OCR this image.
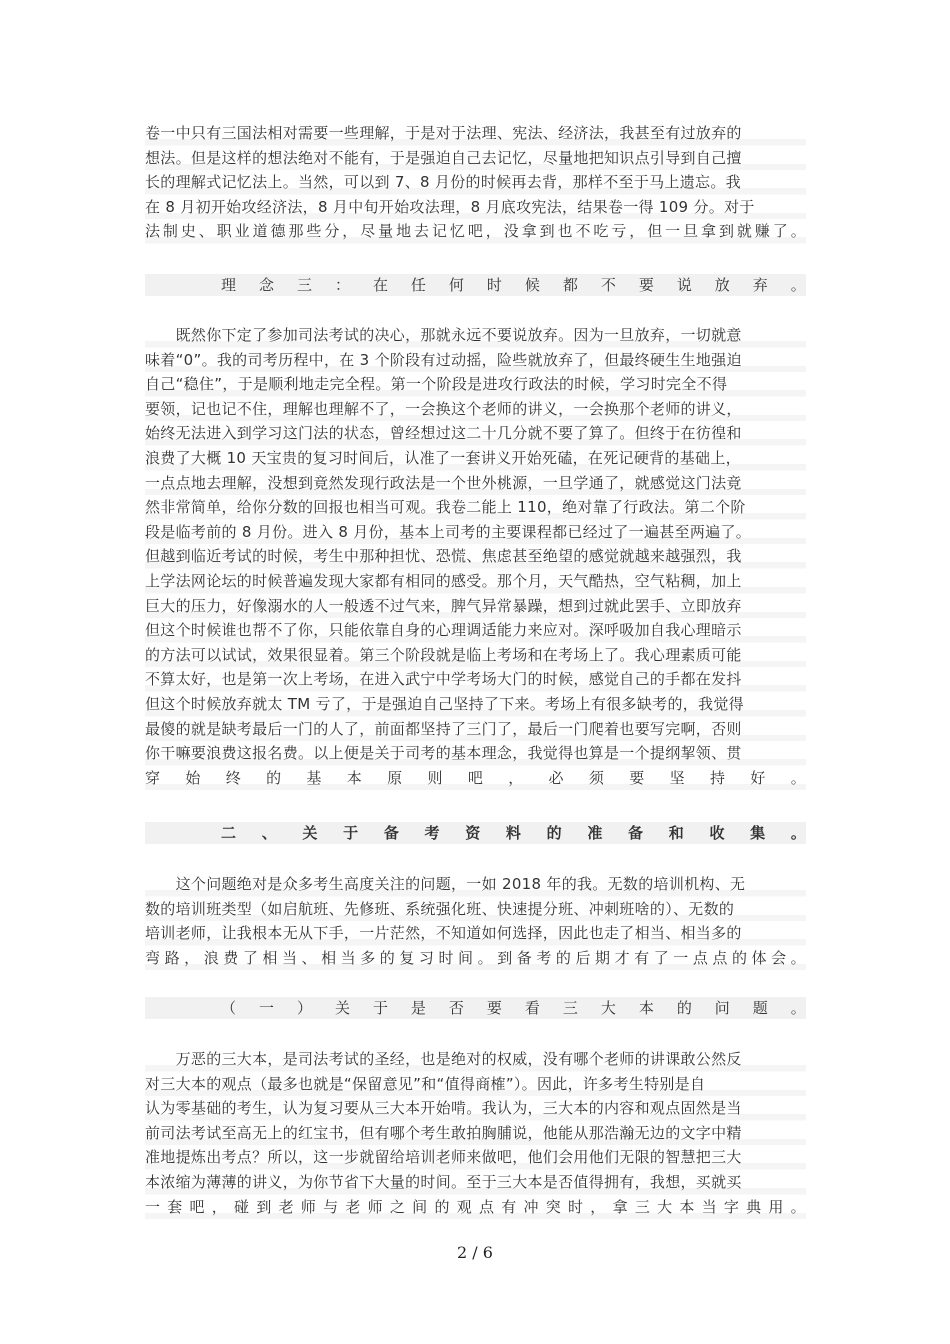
卷一中只有三国法相对需要一些理解，于是对于法理、宪法、经济法，我甚至有过放弃的
想法。但是这样的想法绝对不能有，于是强迫自己去记忆，尽量地把知识点引导到自己擅
长的理解式记忆法上。当然，可以到 7、8 月份的时候再去背，那样不至于马上遗忘。我
在 8 月初开始攻经济法，8 月中旬开始攻法理，8 月底攻宪法，结果卷一得 109 分。对于
法制史、职业道德那些分，尽量地去记忆吧，没拿到也不吃亏，但一旦拿到就赚了。
理 念 三 ： 在 任 何 时 候 都 不 要 说 放 弃 。
　　既然你下定了参加司法考试的决心，那就永远不要说放弃。因为一旦放弃，一切就意
味着“0”。我的司考历程中，在 3 个阶段有过动摇，险些就放弃了，但最终硬生生地强迫
自己“稳住”，于是顺利地走完全程。第一个阶段是进攻行政法的时候，学习时完全不得
要领，记也记不住，理解也理解不了，一会换这个老师的讲义，一会换那个老师的讲义，
始终无法进入到学习这门法的状态，曾经想过这二十几分就不要了算了。但终于在彷徨和
浪费了大概 10 天宝贵的复习时间后，认准了一套讲义开始死磕，在死记硬背的基础上，
一点点地去理解，没想到竟然发现行政法是一个世外桃源，一旦学通了，就感觉这门法竟
然非常简单，给你分数的回报也相当可观。我卷二能上 110，绝对靠了行政法。第二个阶
段是临考前的 8 月份。进入 8 月份，基本上司考的主要课程都已经过了一遍甚至两遍了。
但越到临近考试的时候，考生中那种担忧、恐慌、焦虑甚至绝望的感觉就越来越强烈，我
上学法网论坛的时候普遍发现大家都有相同的感受。那个月，天气酷热，空气粘稠，加上
巨大的压力，好像溺水的人一般透不过气来，脾气异常暴躁，想到过就此罢手、立即放弃
但这个时候谁也帮不了你，只能依靠自身的心理调适能力来应对。深呼吸加自我心理暗示
的方法可以试试，效果很显着。第三个阶段就是临上考场和在考场上了。我心理素质可能
不算太好，也是第一次上考场，在进入武宁中学考场大门的时候，感觉自己的手都在发抖
但这个时候放弃就太 TM 亏了，于是强迫自己坚持了下来。考场上有很多缺考的，我觉得
最傻的就是缺考最后一门的人了，前面都坚持了三门了，最后一门爬着也要写完啊，否则
你干嘛要浪费这报名费。以上便是关于司考的基本理念，我觉得也算是一个提纲挈领、贯
穿始终的基本原则吧，必须要坚持好。
二 、 关 于 备 考 资 料 的 准 备 和 收 集 。
　　这个问题绝对是众多考生高度关注的问题，一如 2018 年的我。无数的培训机构、无
数的培训班类型（如启航班、先修班、系统强化班、快速提分班、冲刺班啥的）、无数的
培训老师，让我根本无从下手，一片茫然，不知道如何选择，因此也走了相当、相当多的
弯路，浪费了相当、相当多的复习时间。到备考的后期才有了一点点的体会。
（ 一 ） 关 于 是 否 要 看 三 大 本 的 问 题 。
　　万恶的三大本，是司法考试的圣经，也是绝对的权威，没有哪个老师的讲课敢公然反
对三大本的观点（最多也就是“保留意见”和“值得商榷”）。因此，许多考生特别是自
认为零基础的考生，认为复习要从三大本开始啃。我认为，三大本的内容和观点固然是当
前司法考试至高无上的红宝书，但有哪个考生敢拍胸脯说，他能从那浩瀚无边的文字中精
准地提炼出考点？所以，这一步就留给培训老师来做吧，他们会用他们无限的智慧把三大
本浓缩为薄薄的讲义，为你节省下大量的时间。至于三大本是否值得拥有，我想，买就买
一套吧，碰到老师与老师之间的观点有冲突时，拿三大本当字典用。
2 / 6
